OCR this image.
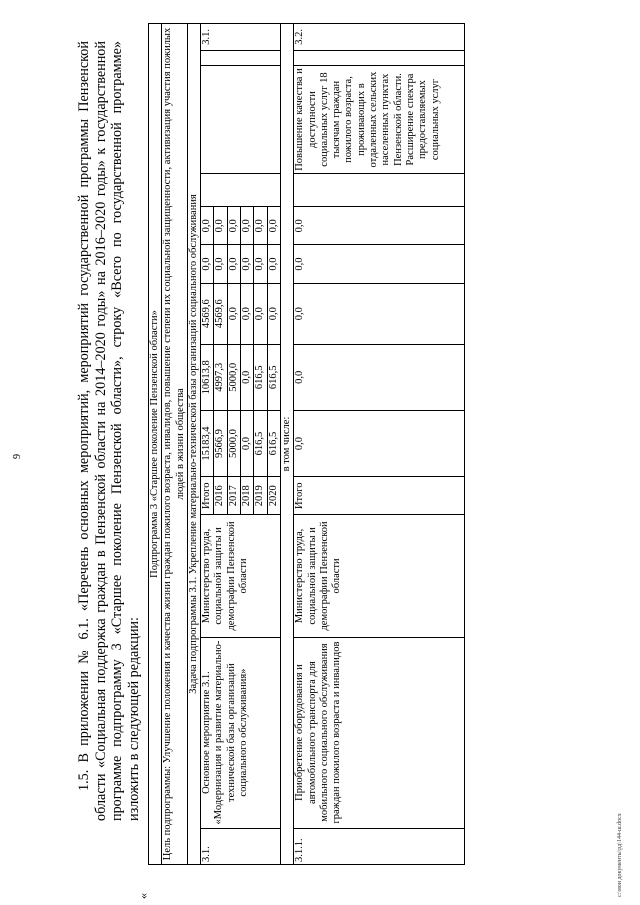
9	1.5. В приложении № 6.1. «Перечень основных мероприятий, мероприятий государственной программы Пензенской области «Социальная поддержка граждан в Пензенской области на 2014–2020 годы» на 2016–2020 годы» к государственной программе подпрограмму 3 «Старшее поколение Пензенской области», строку «Всего по государственной программе» изложить в следующей редакции:

«
Подпрограмма 3 «Старшее поколение Пензенской области»												
Цель подпрограммы: Улучшение положения и качества жизни граждан пожилого возраста, инвалидов, повышение степени их социальной защищенности, активизация участия пожилых людей в жизни общества												
Задача подпрограммы 3.1. Укрепление материально-технической базы организаций социального обслуживания												
3.1.	Основное мероприятие 3.1. «Модернизация и развитие материально-технической базы организаций социального обслуживания»	Министерство труда, социальной защиты и демографии Пензенской области	Итого	15183,4	10613,8	4569,6	0,0	0,0				3.1.
			2016	9566,9	4997,3	4569,6	0,0	0,0				
			2017	5000,0	5000,0	0,0	0,0	0,0				
			2018	0,0	0,0	0,0	0,0	0,0				
			2019	616,5	616,5	0,0	0,0	0,0				
			2020	616,5	616,5	0,0	0,0	0,0				
в том числе:												
3.1.1.	Приобретение оборудования и автомобильного транспорта для мобильного социального обслуживания граждан пожилого возраста и инвалидов	Министерство труда, социальной защиты и демографии Пензенской области	Итого	0,0	0,0	0,0	0,0	0,0		Повышение качества и доступности социальных услуг 18 тысячам граждан пожилого возраста, проживающих в отдаленных сельских населенных пунктах Пензенской области. Расширение спектра предоставляемых социальных услуг		3.2.
c:\мои документы\рд\144-ш.docx
